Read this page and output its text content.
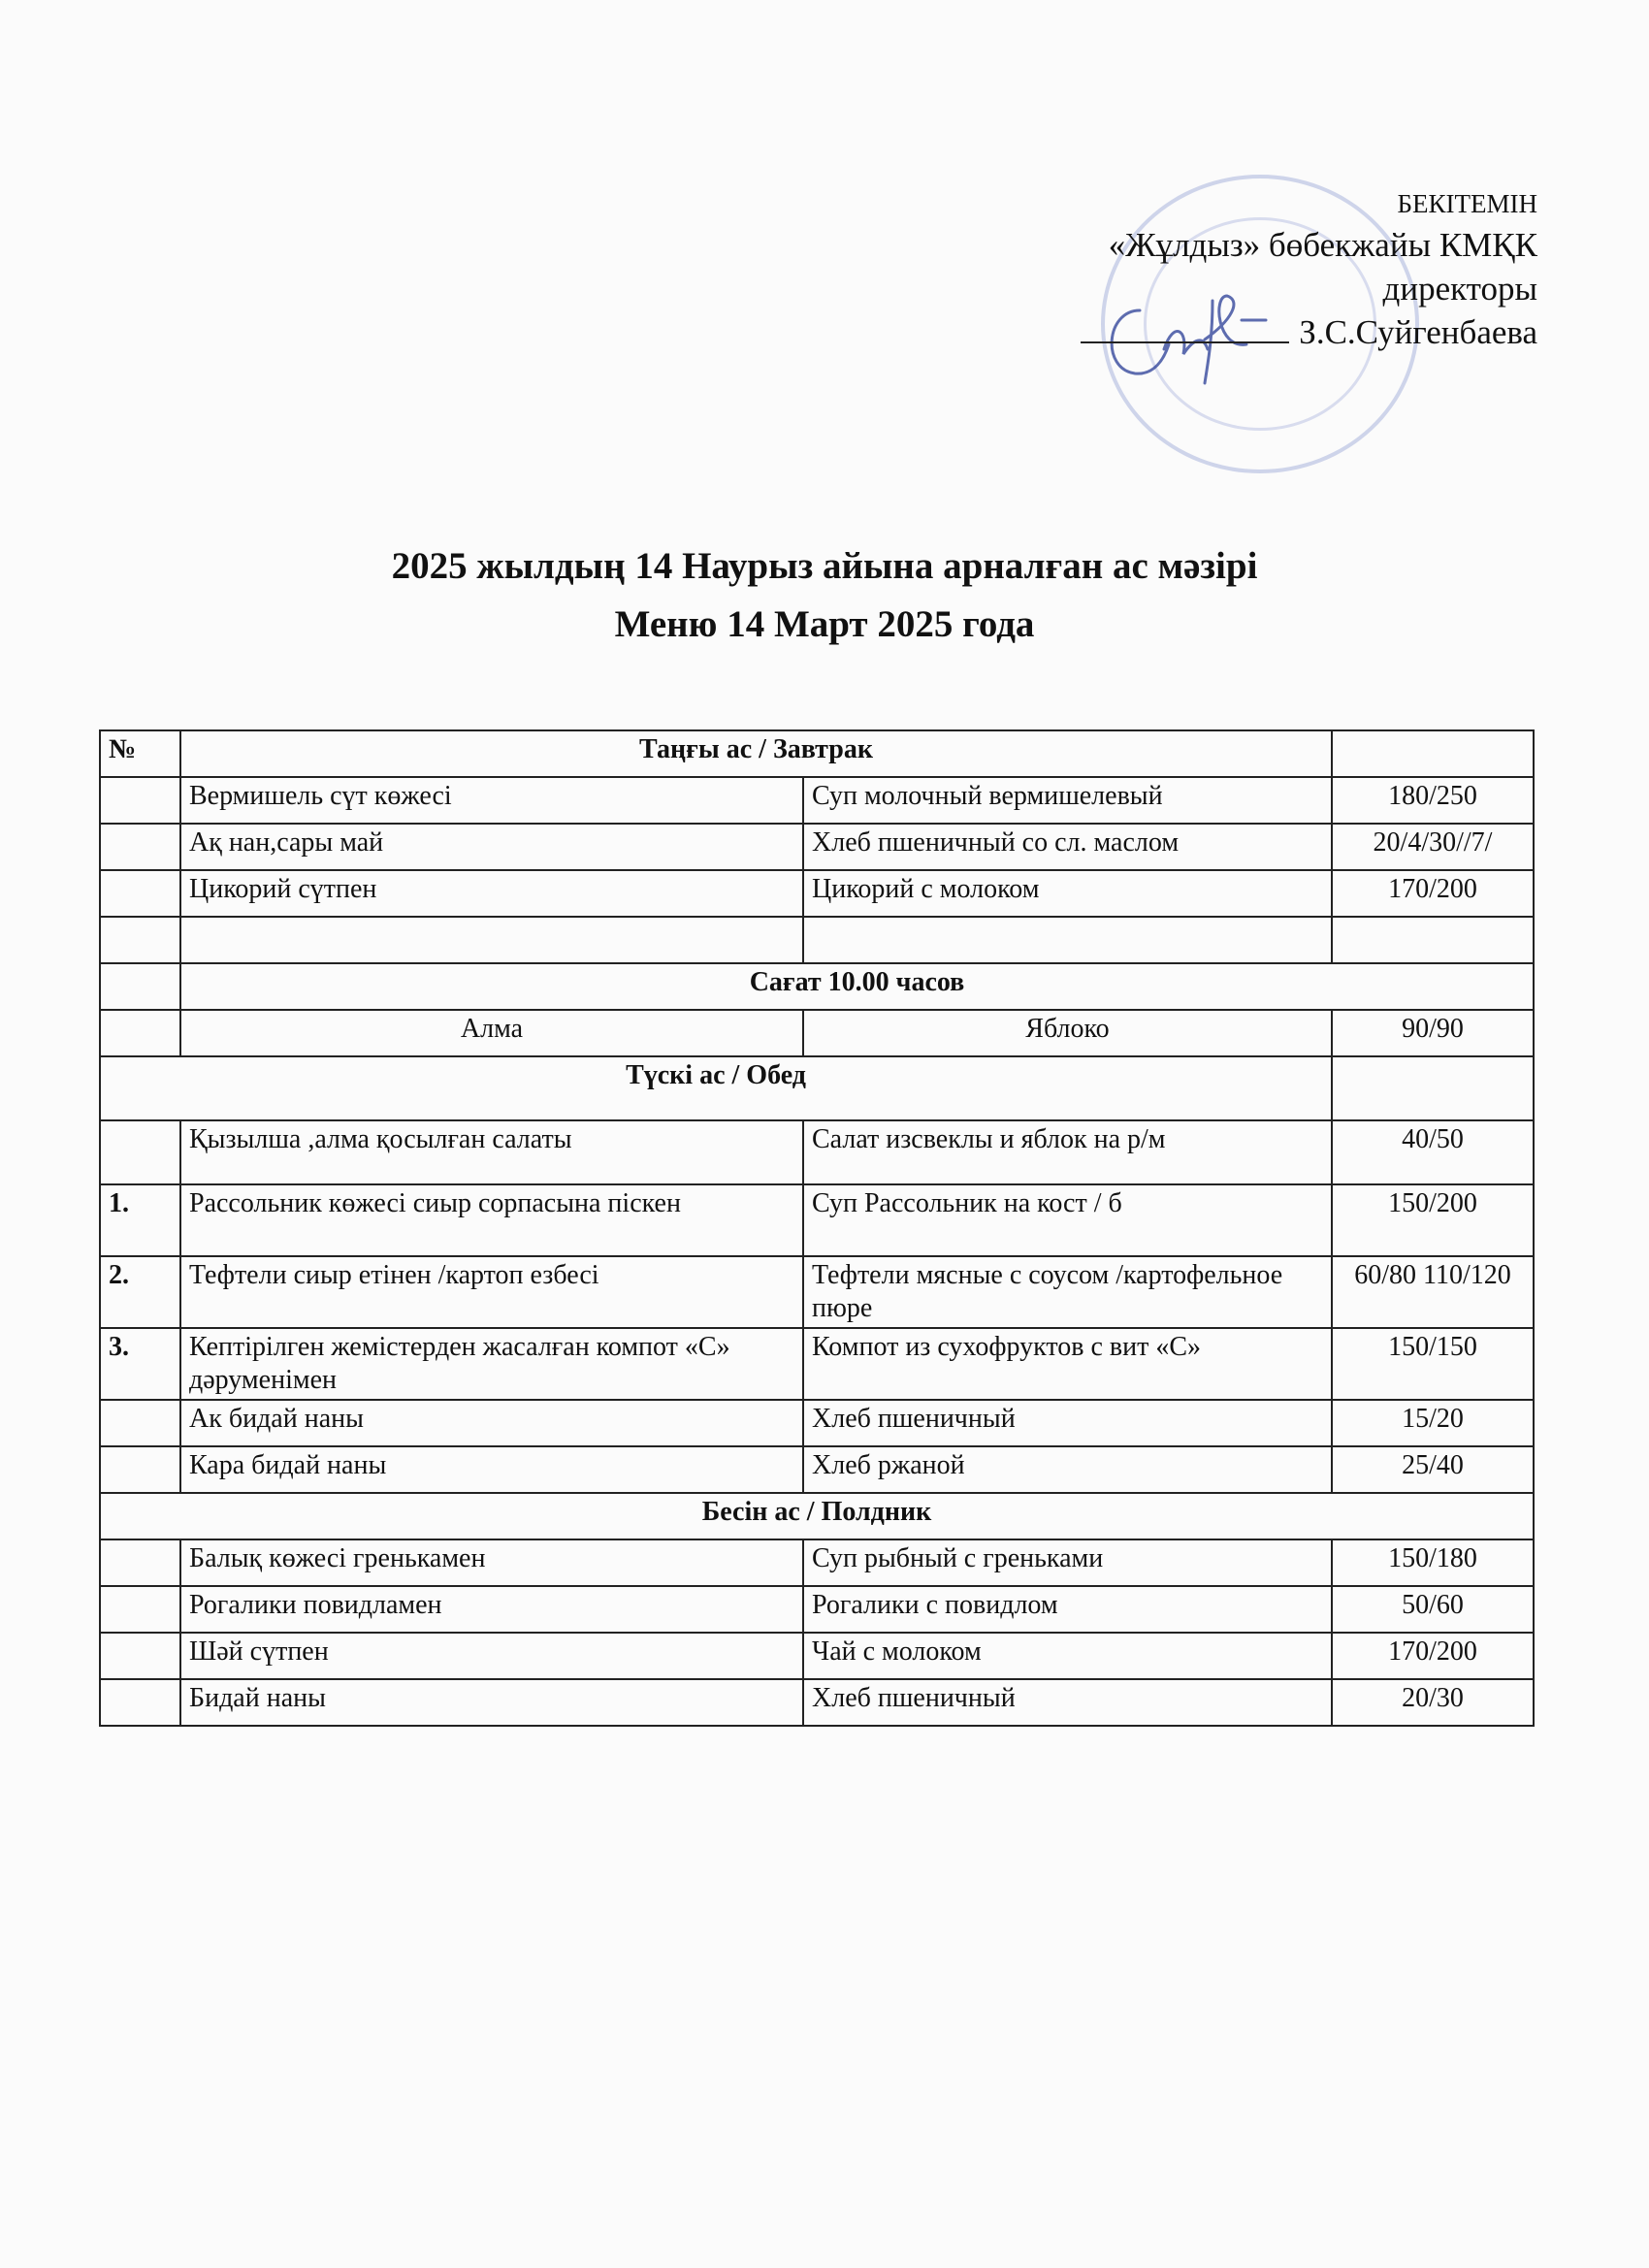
БЕКІТЕМІН
«Жұлдыз» бөбекжайы КМҚК
директоры
З.С.Суйгенбаева
2025 жылдың 14 Наурыз айына арналған ас мәзірі
Меню 14 Март 2025 года
№	Таңғы ас / Завтрак		
	Вермишель сүт көжесі	Суп молочный вермишелевый	180/250
	Ақ нан,сары май	Хлеб пшеничный со сл. маслом	20/4/30//7/
	Цикорий сүтпен	Цикорий с молоком	170/200

	Сағат 10.00 часов		
	Алма	Яблоко	90/90
Түскі ас / Обед			
	Қызылша ,алма қосылған салаты	Салат изсвеклы и яблок на р/м	40/50
1.	Рассольник көжесі сиыр сорпасына піскен	Суп Рассольник на кост / б	150/200
2.	Тефтели сиыр етінен /картоп езбесі	Тефтели мясные с соусом /картофельное пюре	60/80 110/120
3.	Кептірілген жемістерден жасалған компот «С» дәруменімен	Компот из сухофруктов с вит «С»	150/150
	Ак бидай наны	Хлеб пшеничный	15/20
	Кара бидай наны	Хлеб ржаной	25/40
Бесін ас / Полдник			
	Балық көжесі гренькамен	Суп рыбный с греньками	150/180
	Рогалики повидламен	Рогалики с повидлом	50/60
	Шәй сүтпен	Чай с молоком	170/200
	Бидай наны	Хлеб пшеничный	20/30
